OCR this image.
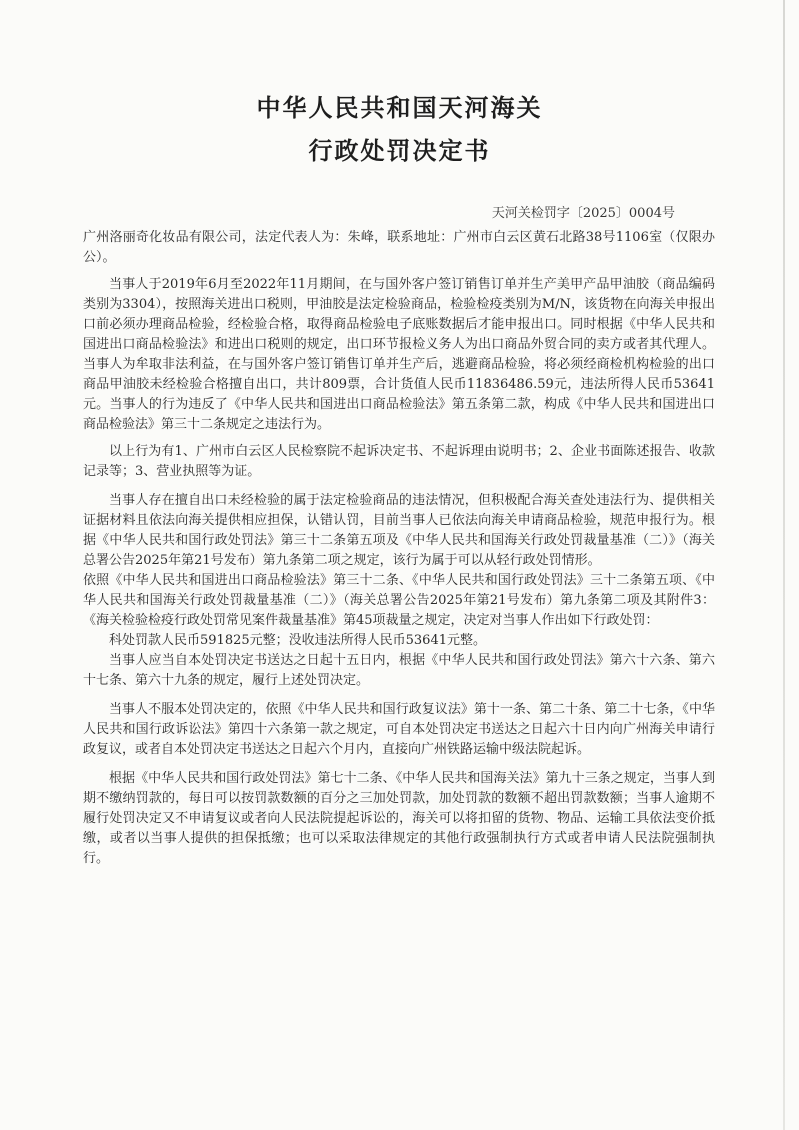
中华人民共和国天河海关
行政处罚决定书
天河关检罚字〔2025〕0004号

广州洛丽奇化妆品有限公司，法定代表人为：朱峰，联系地址：广州市白云区黄石北路38号1106室（仅限办公）。

当事人于2019年6月至2022年11月期间，在与国外客户签订销售订单并生产美甲产品甲油胶（商品编码类别为3304），按照海关进出口税则，甲油胶是法定检验商品，检验检疫类别为M/N，该货物在向海关申报出口前必须办理商品检验，经检验合格，取得商品检验电子底账数据后才能申报出口。同时根据《中华人民共和国进出口商品检验法》和进出口税则的规定，出口环节报检义务人为出口商品外贸合同的卖方或者其代理人。当事人为牟取非法利益，在与国外客户签订销售订单并生产后，逃避商品检验，将必须经商检机构检验的出口商品甲油胶未经检验合格擅自出口，共计809票，合计货值人民币11836486.59元，违法所得人民币53641元。当事人的行为违反了《中华人民共和国进出口商品检验法》第五条第二款，构成《中华人民共和国进出口商品检验法》第三十二条规定之违法行为。

以上行为有1、广州市白云区人民检察院不起诉决定书、不起诉理由说明书；2、企业书面陈述报告、收款记录等；3、营业执照等为证。

当事人存在擅自出口未经检验的属于法定检验商品的违法情况，但积极配合海关查处违法行为、提供相关证据材料且依法向海关提供相应担保，认错认罚，目前当事人已依法向海关申请商品检验，规范申报行为。根据《中华人民共和国行政处罚法》第三十二条第五项及《中华人民共和国海关行政处罚裁量基准（二）》（海关总署公告2025年第21号发布）第九条第二项之规定，该行为属于可以从轻行政处罚情形。

依照《中华人民共和国进出口商品检验法》第三十二条、《中华人民共和国行政处罚法》三十二条第五项、《中华人民共和国海关行政处罚裁量基准（二）》（海关总署公告2025年第21号发布）第九条第二项及其附件3：《海关检验检疫行政处罚常见案件裁量基准》第45项裁量之规定，决定对当事人作出如下行政处罚：

科处罚款人民币591825元整；没收违法所得人民币53641元整。

当事人应当自本处罚决定书送达之日起十五日内，根据《中华人民共和国行政处罚法》第六十六条、第六十七条、第六十九条的规定，履行上述处罚决定。

当事人不服本处罚决定的，依照《中华人民共和国行政复议法》第十一条、第二十条、第二十七条，《中华人民共和国行政诉讼法》第四十六条第一款之规定，可自本处罚决定书送达之日起六十日内向广州海关申请行政复议，或者自本处罚决定书送达之日起六个月内，直接向广州铁路运输中级法院起诉。

根据《中华人民共和国行政处罚法》第七十二条、《中华人民共和国海关法》第九十三条之规定，当事人到期不缴纳罚款的，每日可以按罚款数额的百分之三加处罚款，加处罚款的数额不超出罚款数额；当事人逾期不履行处罚决定又不申请复议或者向人民法院提起诉讼的，海关可以将扣留的货物、物品、运输工具依法变价抵缴，或者以当事人提供的担保抵缴；也可以采取法律规定的其他行政强制执行方式或者申请人民法院强制执行。
